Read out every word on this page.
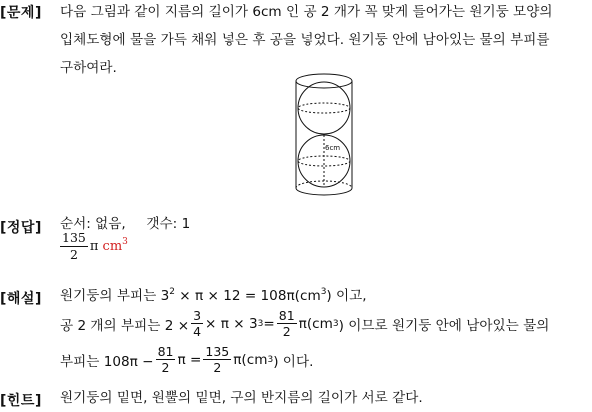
[문제] 다음 그림과 같이 지름의 길이가 6cm 인 공 2 개가 꼭 맞게 들어가는 원기둥 모양의
입체도형에 물을 가득 채워 넣은 후 공을 넣었다. 원기둥 안에 남아있는 물의 부피를
구하여라.
6cm
[정답] 순서: 없음, 갯수: 1
$\frac{135}{2}$ π $cm^3$
[해설] 원기둥의 부피는 $3^2 \times \pi \times 12 = 108\pi(cm^3)$ 이고,
공 2 개의 부피는 $2 \times \frac{3}{4} \times \pi \times 3$ $3 = \frac{81}{2} \pi(cm$ 3 ) 이므로 원기둥 안에 남아있는 물의
부피는 $108\pi - \frac{81}{2}$ $\pi = \frac{135}{2} \pi(cm$ 3 ) 이다.
[힌트] 원기둥의 밑면, 원뿔의 밑면, 구의 반지름의 길이가 서로 같다.
